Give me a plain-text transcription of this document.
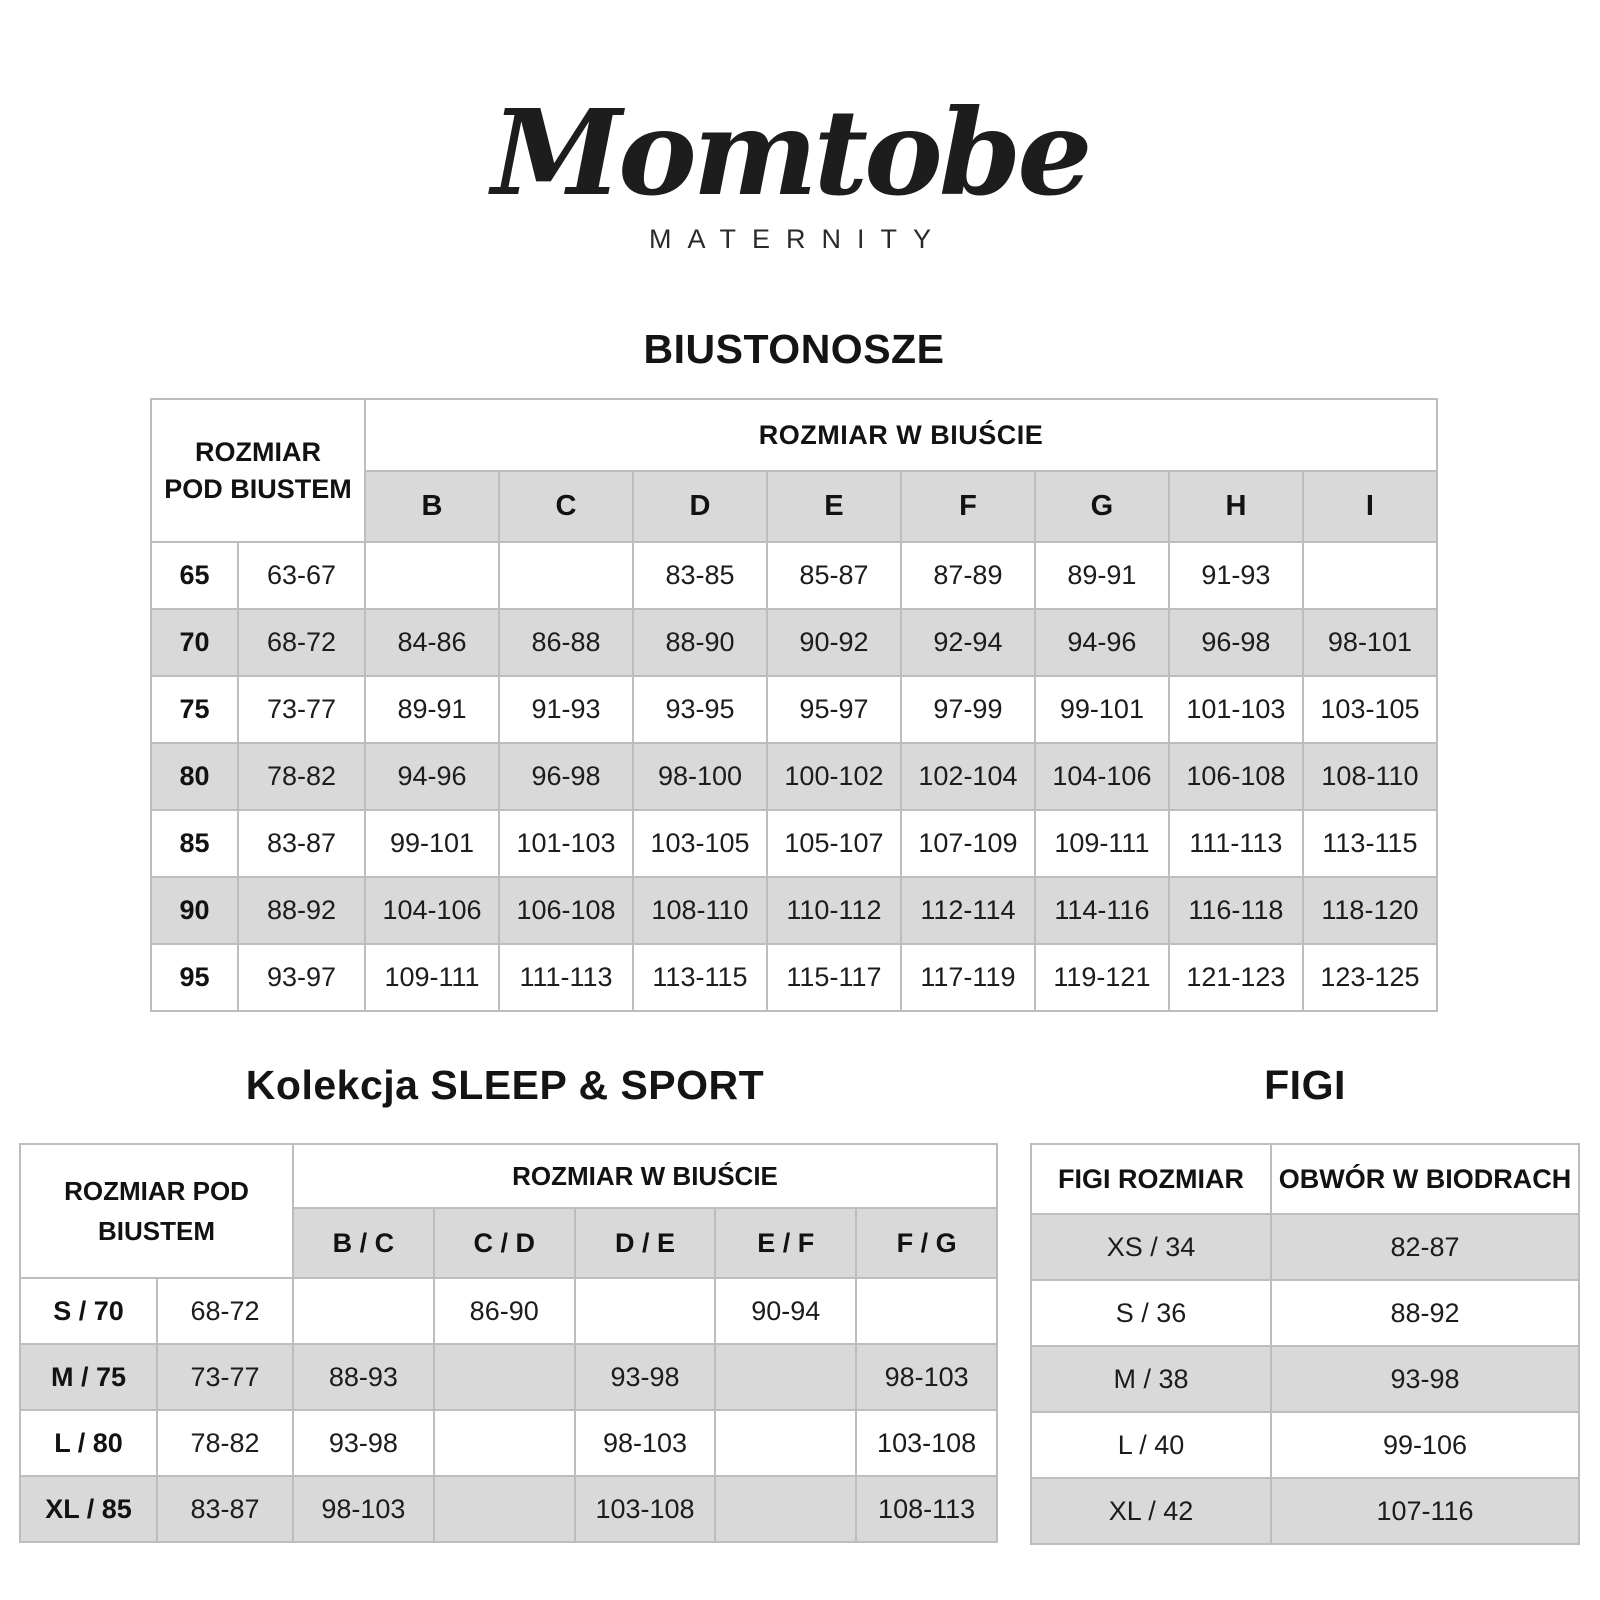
Momtobe
MATERNITY
BIUSTONOSZE
ROZMIAR
POD BIUSTEM		ROZMIAR W BIUŚCIE							
		B	C	D	E	F	G	H	I
65	63-67			83-85	85-87	87-89	89-91	91-93	
70	68-72	84-86	86-88	88-90	90-92	92-94	94-96	96-98	98-101
75	73-77	89-91	91-93	93-95	95-97	97-99	99-101	101-103	103-105
80	78-82	94-96	96-98	98-100	100-102	102-104	104-106	106-108	108-110
85	83-87	99-101	101-103	103-105	105-107	107-109	109-111	111-113	113-115
90	88-92	104-106	106-108	108-110	110-112	112-114	114-116	116-118	118-120
95	93-97	109-111	111-113	113-115	115-117	117-119	119-121	121-123	123-125
Kolekcja SLEEP & SPORT
ROZMIAR POD
BIUSTEM		ROZMIAR W BIUŚCIE				
		B / C	C / D	D / E	E / F	F / G
S / 70	68-72		86-90		90-94	
M / 75	73-77	88-93		93-98		98-103
L / 80	78-82	93-98		98-103		103-108
XL / 85	83-87	98-103		103-108		108-113
FIGI
FIGI ROZMIAR	OBWÓR W BIODRACH
XS / 34	82-87
S / 36	88-92
M / 38	93-98
L / 40	99-106
XL / 42	107-116
